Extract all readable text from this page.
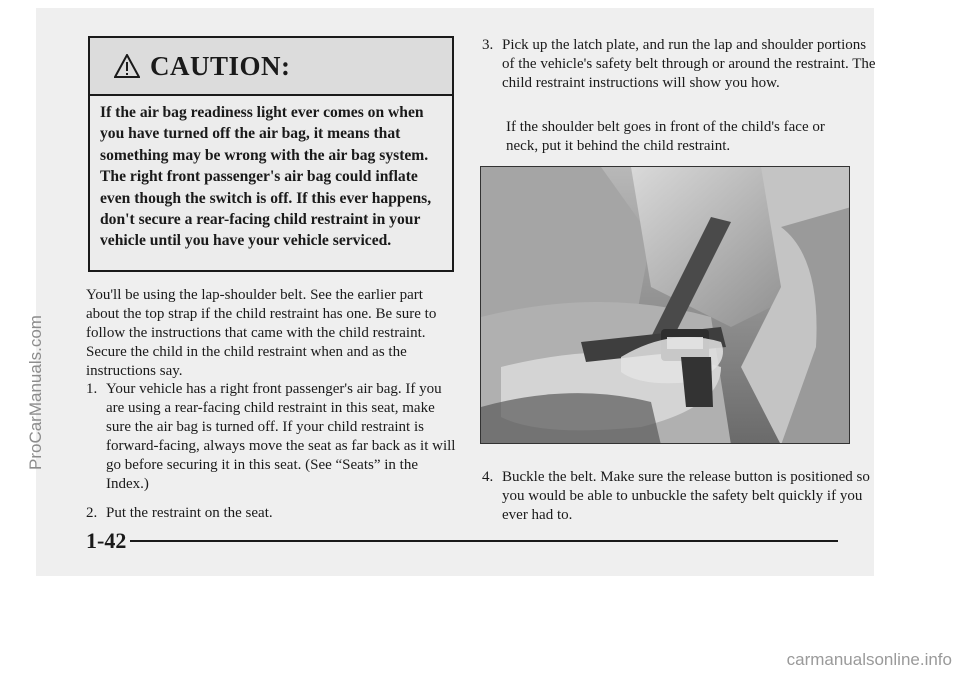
CAUTION:
If the air bag readiness light ever comes on when you have turned off the air bag, it means that something may be wrong with the air bag system. The right front passenger's air bag could inflate even though the switch is off. If this ever happens, don't secure a rear-facing child restraint in your vehicle until you have your vehicle serviced.

You'll be using the lap-shoulder belt. See the earlier part about the top strap if the child restraint has one. Be sure to follow the instructions that came with the child restraint. Secure the child in the child restraint when and as the instructions say.

1. Your vehicle has a right front passenger's air bag. If you are using a rear-facing child restraint in this seat, make sure the air bag is turned off. If your child restraint is forward-facing, always move the seat as far back as it will go before securing it in this seat. (See “Seats” in the Index.)
2. Put the restraint on the seat.
3. Pick up the latch plate, and run the lap and shoulder portions of the vehicle's safety belt through or around the restraint. The child restraint instructions will show you how.

If the shoulder belt goes in front of the child's face or neck, put it behind the child restraint.

4. Buckle the belt. Make sure the release button is positioned so you would be able to unbuckle the safety belt quickly if you ever had to.
1-42
ProCarManuals.com
carmanualsonline.info
